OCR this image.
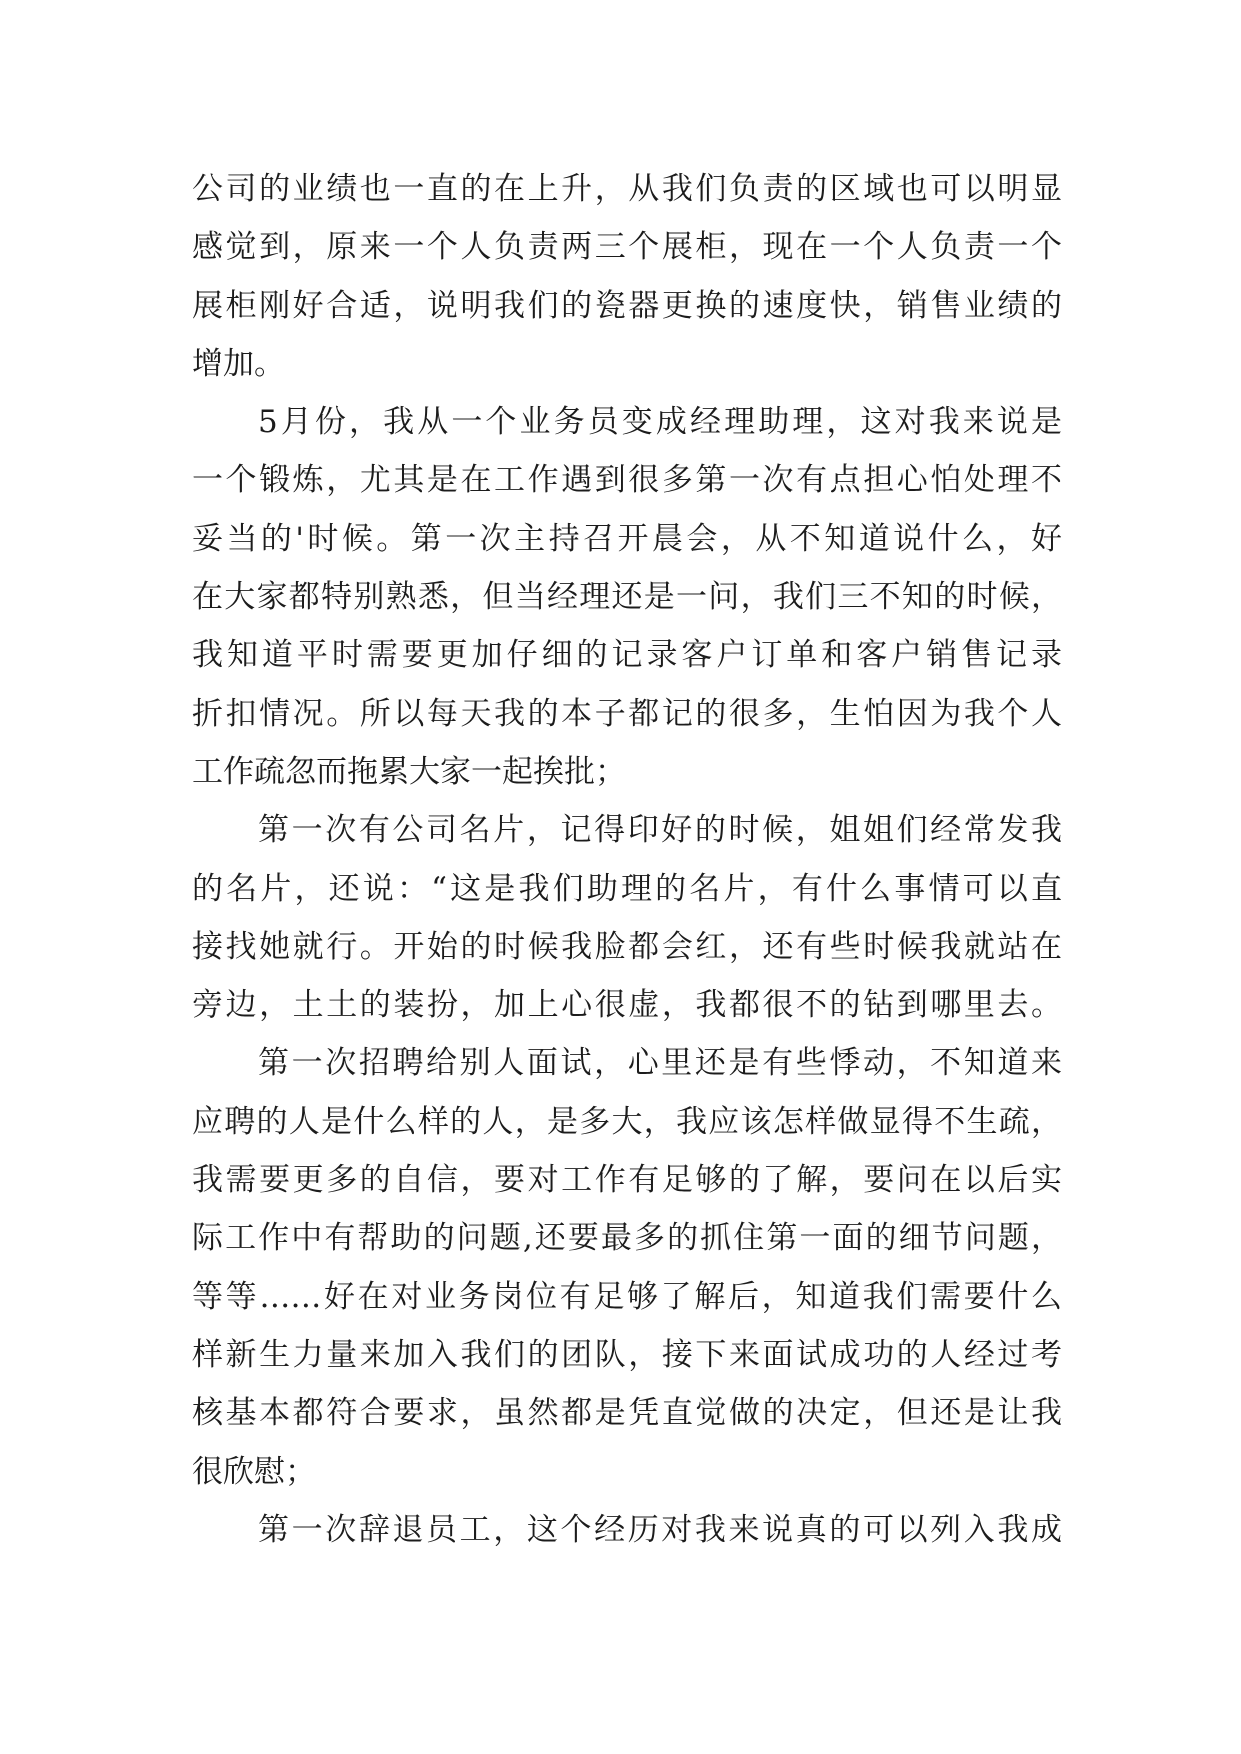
公司的业绩也一直的在上升，从我们负责的区域也可以明显
感觉到，原来一个人负责两三个展柜，现在一个人负责一个
展柜刚好合适，说明我们的瓷器更换的速度快，销售业绩的
增加。
5月份，我从一个业务员变成经理助理，这对我来说是
一个锻炼，尤其是在工作遇到很多第一次有点担心怕处理不
妥当的'时候。第一次主持召开晨会，从不知道说什么，好
在大家都特别熟悉，但当经理还是一问，我们三不知的时候，
我知道平时需要更加仔细的记录客户订单和客户销售记录
折扣情况。所以每天我的本子都记的很多，生怕因为我个人
工作疏忽而拖累大家一起挨批；
第一次有公司名片，记得印好的时候，姐姐们经常发我
的名片，还说：“这是我们助理的名片，有什么事情可以直
接找她就行。开始的时候我脸都会红，还有些时候我就站在
旁边，土土的装扮，加上心很虚，我都很不的钻到哪里去。
第一次招聘给别人面试，心里还是有些悸动，不知道来
应聘的人是什么样的人，是多大，我应该怎样做显得不生疏，
我需要更多的自信，要对工作有足够的了解，要问在以后实
际工作中有帮助的问题,还要最多的抓住第一面的细节问题，
等等……好在对业务岗位有足够了解后，知道我们需要什么
样新生力量来加入我们的团队，接下来面试成功的人经过考
核基本都符合要求，虽然都是凭直觉做的决定，但还是让我
很欣慰；
第一次辞退员工，这个经历对我来说真的可以列入我成
